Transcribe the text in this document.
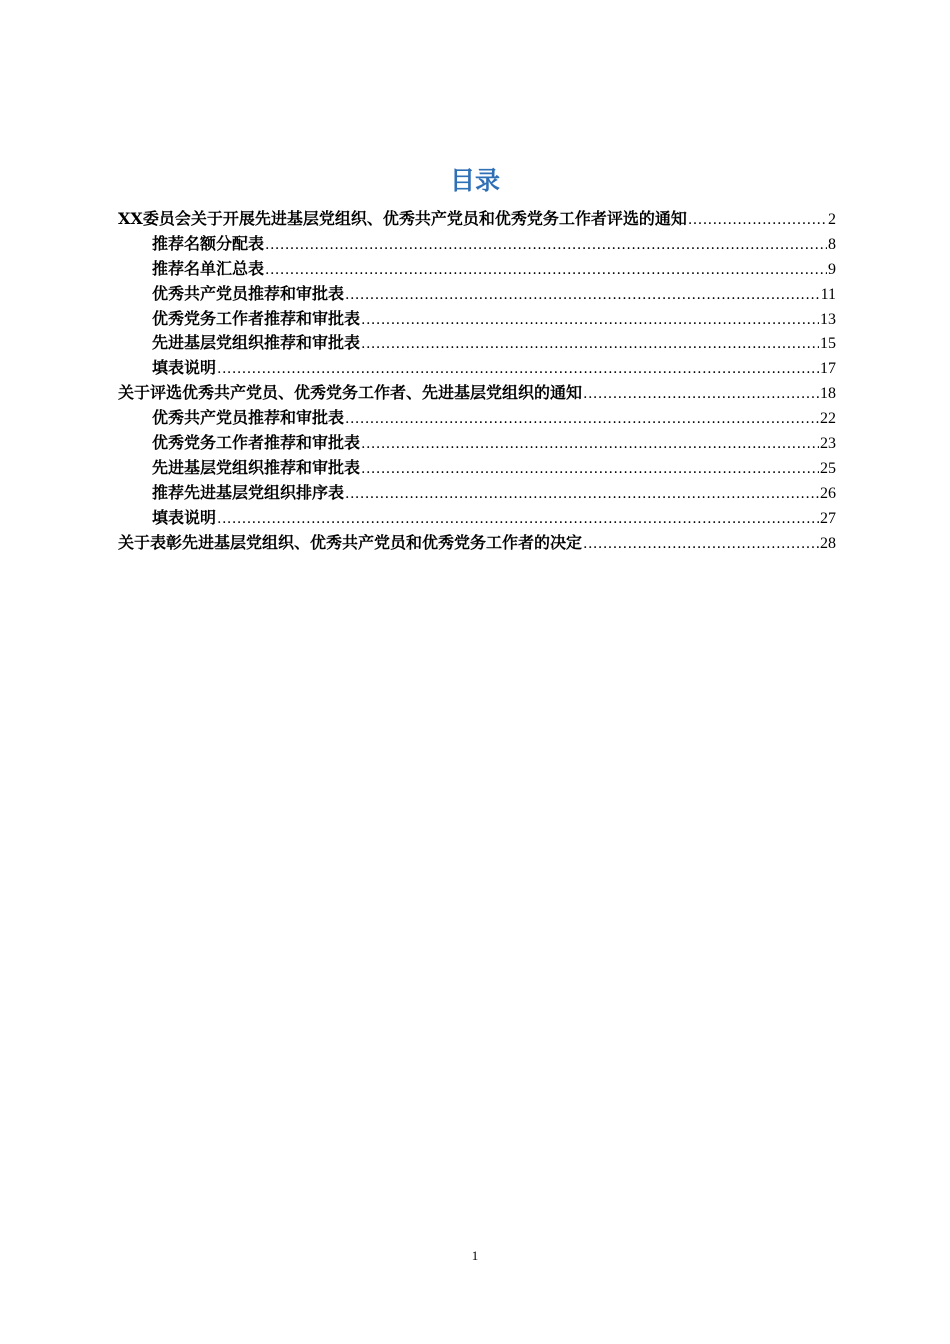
目录
XX委员会关于开展先进基层党组织、优秀共产党员和优秀党务工作者评选的通知 .....	2
推荐名额分配表 .....	8
推荐名单汇总表 .....	9
优秀共产党员推荐和审批表 .....	11
优秀党务工作者推荐和审批表 .....	13
先进基层党组织推荐和审批表 .....	15
填表说明 .....	17
关于评选优秀共产党员、优秀党务工作者、先进基层党组织的通知 .....	18
优秀共产党员推荐和审批表 .....	22
优秀党务工作者推荐和审批表 .....	23
先进基层党组织推荐和审批表 .....	25
推荐先进基层党组织排序表 .....	26
填表说明 .....	27
关于表彰先进基层党组织、优秀共产党员和优秀党务工作者的决定 .....	28
1
